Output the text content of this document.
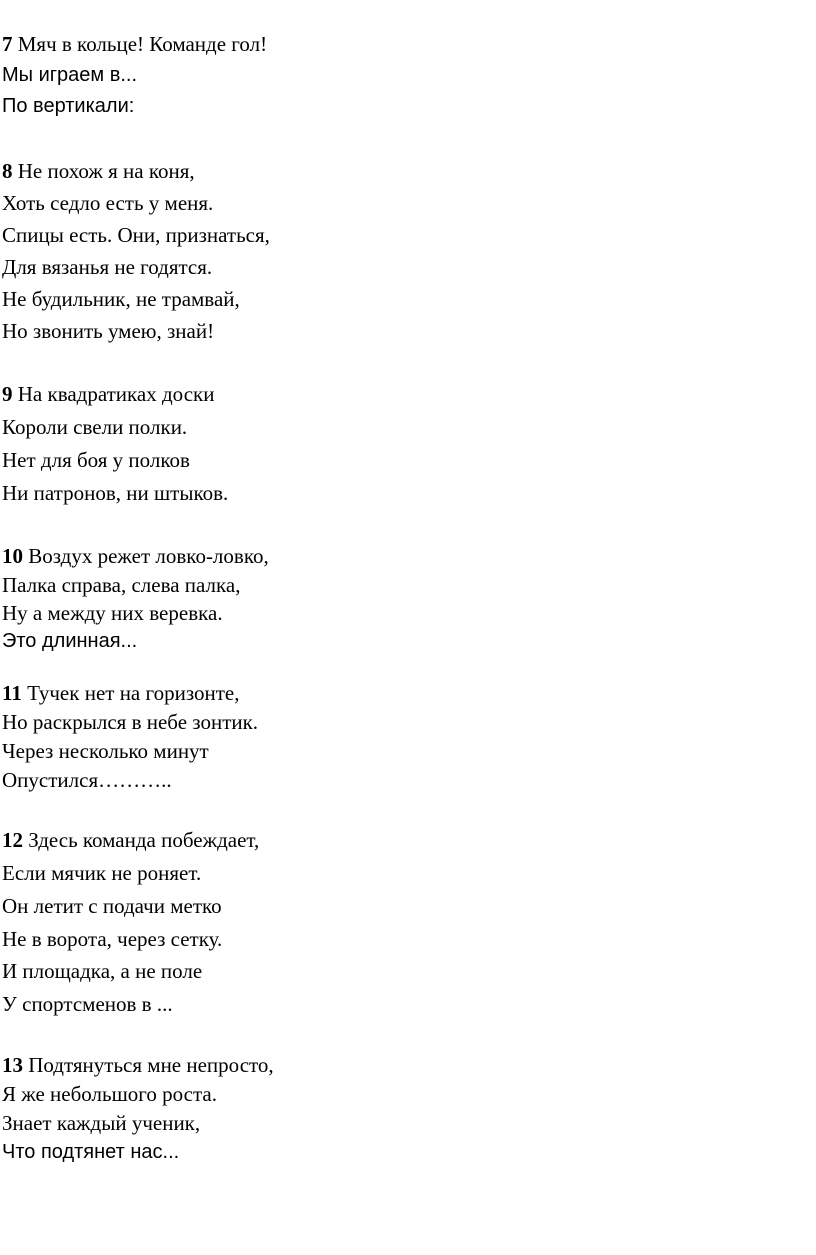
7 Мяч в кольце! Команде гол!
Мы играем в...
По вертикали:
8 Не похож я на коня,
Хоть седло есть у меня.
Спицы есть. Они, признаться,
Для вязанья не годятся.
Не будильник, не трамвай,
Но звонить умею, знай!
9 На квадратиках доски
Короли свели полки.
Нет для боя у полков
Ни патронов, ни штыков.
10 Воздух режет ловко-ловко,
Палка справа, слева палка,
Ну а между них веревка.
Это длинная...
11 Тучек нет на горизонте,
Но раскрылся в небе зонтик.
Через несколько минут
Опустился………..
12 Здесь команда побеждает,
Если мячик не роняет.
Он летит с подачи метко
Не в ворота, через сетку.
И площадка, а не поле
У спортсменов в ...
13 Подтянуться мне непросто,
Я же небольшого роста.
Знает каждый ученик,
Что подтянет нас...
